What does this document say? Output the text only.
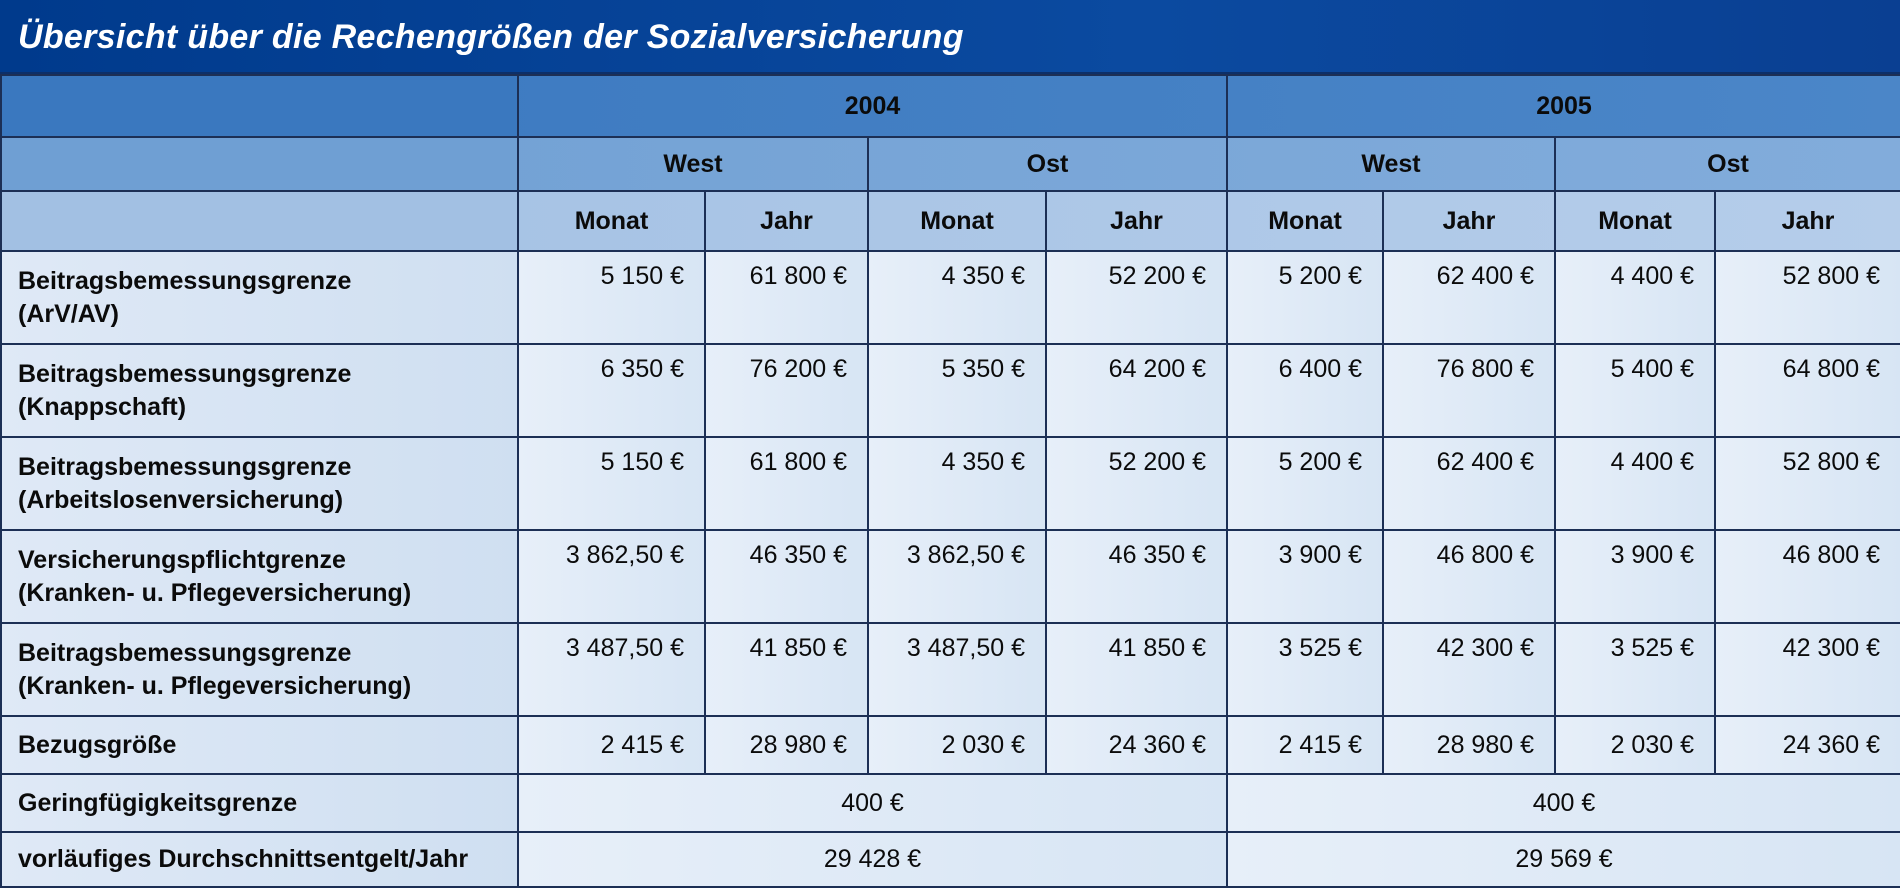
Übersicht über die Rechengrößen der Sozialversicherung
	2004				2005			
	West		Ost		West		Ost	
	Monat	Jahr	Monat	Jahr	Monat	Jahr	Monat	Jahr

Beitragsbemessungsgrenze
(ArV/AV)	5 150 €	61 800 €	4 350 €	52 200 €	5 200 €	62 400 €	4 400 €	52 800 €

Beitragsbemessungsgrenze
(Knappschaft)	6 350 €	76 200 €	5 350 €	64 200 €	6 400 €	76 800 €	5 400 €	64 800 €

Beitragsbemessungsgrenze
(Arbeitslosenversicherung)	5 150 €	61 800 €	4 350 €	52 200 €	5 200 €	62 400 €	4 400 €	52 800 €

Versicherungspflichtgrenze
(Kranken- u. Pflegeversicherung)	3 862,50 €	46 350 €	3 862,50 €	46 350 €	3 900 €	46 800 €	3 900 €	46 800 €

Beitragsbemessungsgrenze
(Kranken- u. Pflegeversicherung)	3 487,50 €	41 850 €	3 487,50 €	41 850 €	3 525 €	42 300 €	3 525 €	42 300 €
Bezugsgröße	2 415 €	28 980 €	2 030 €	24 360 €	2 415 €	28 980 €	2 030 €	24 360 €
Geringfügigkeitsgrenze	400 €				400 €			
vorläufiges Durchschnittsentgelt/Jahr	29 428 €				29 569 €			
